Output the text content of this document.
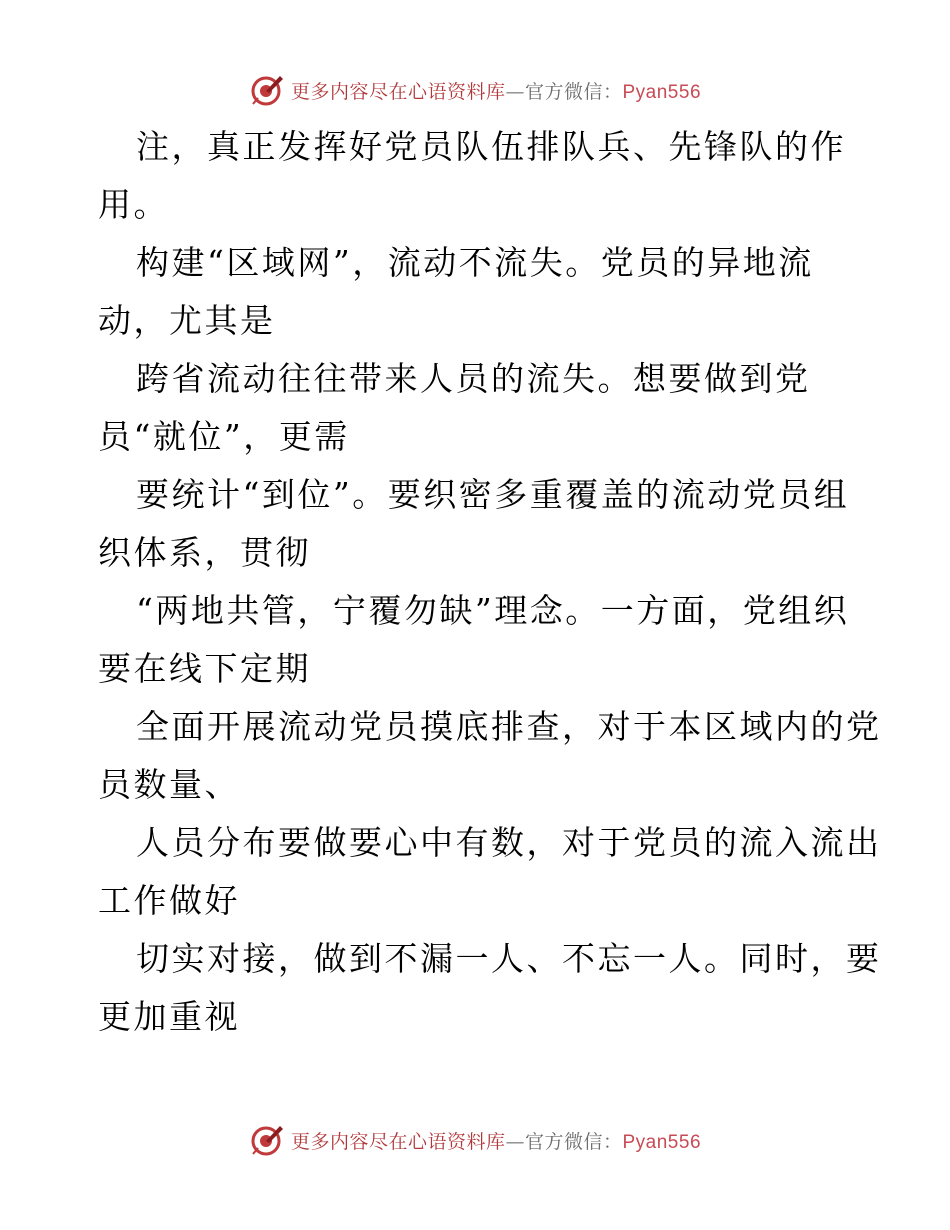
更多内容尽在心语资料库—官方微信：Pyan556
注，真正发挥好党员队伍排队兵、先锋队的作
用。
构建“区域网”，流动不流失。党员的异地流
动，尤其是
跨省流动往往带来人员的流失。想要做到党
员“就位”，更需
要统计“到位”。要织密多重覆盖的流动党员组
织体系，贯彻
“两地共管，宁覆勿缺”理念。一方面，党组织
要在线下定期
全面开展流动党员摸底排查，对于本区域内的党
员数量、
人员分布要做要心中有数，对于党员的流入流出
工作做好
切实对接，做到不漏一人、不忘一人。同时，要
更加重视
更多内容尽在心语资料库—官方微信：Pyan556
